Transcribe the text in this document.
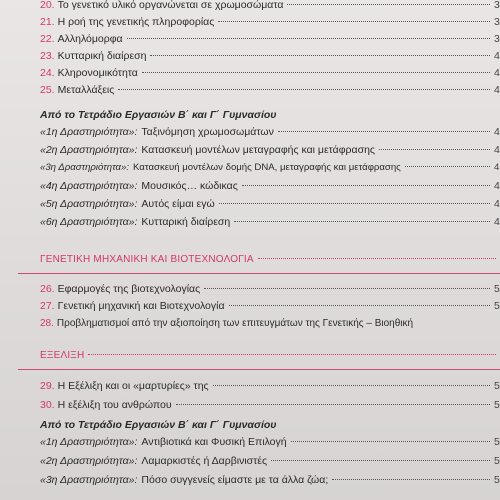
20. Το γενετικό υλικό οργανώνεται σε χρωμοσώματα	3
21. Η ροή της γενετικής πληροφορίας	3
22. Αλληλόμορφα	3
23. Κυτταρική διαίρεση	4
24. Κληρονομικότητα	4
25. Μεταλλάξεις	4
Από το Τετράδιο Εργασιών Β΄ και Γ΄ Γυμνασίου
«1η Δραστηριότητα»: Ταξινόμηση χρωμοσωμάτων	4
«2η Δραστηριότητα»: Κατασκευή μοντέλων μεταγραφής και μετάφρασης	4
«3η Δραστηριότητα»: Κατασκευή μοντέλων δομής DNA, μεταγραφής και μετάφρασης	4
«4η Δραστηριότητα»: Μουσικός… κώδικας	4
«5η Δραστηριότητα»: Αυτός είμαι εγώ	4
«6η Δραστηριότητα»: Κυτταρική διαίρεση	4
ΓΕΝΕΤΙΚΗ ΜΗΧΑΝΙΚΗ ΚΑΙ ΒΙΟΤΕΧΝΟΛΟΓΙΑ
26. Εφαρμογές της βιοτεχνολογίας	5
27. Γενετική μηχανική και Βιοτεχνολογία	5
28. Προβληματισμοί από την αξιοποίηση των επιτευγμάτων της Γενετικής – Βιοηθική
ΕΞΕΛΙΞΗ
29. Η Εξέλιξη και οι «μαρτυρίες» της	5
30. Η εξέλιξη του ανθρώπου	5
Από το Τετράδιο Εργασιών Β΄ και Γ΄ Γυμνασίου
«1η Δραστηριότητα»: Αντιβιοτικά και Φυσική Επιλογή	5
«2η Δραστηριότητα»: Λαμαρκιστές ή Δαρβινιστές	5
«3η Δραστηριότητα»: Πόσο συγγενείς είμαστε με τα άλλα ζώα;	5
